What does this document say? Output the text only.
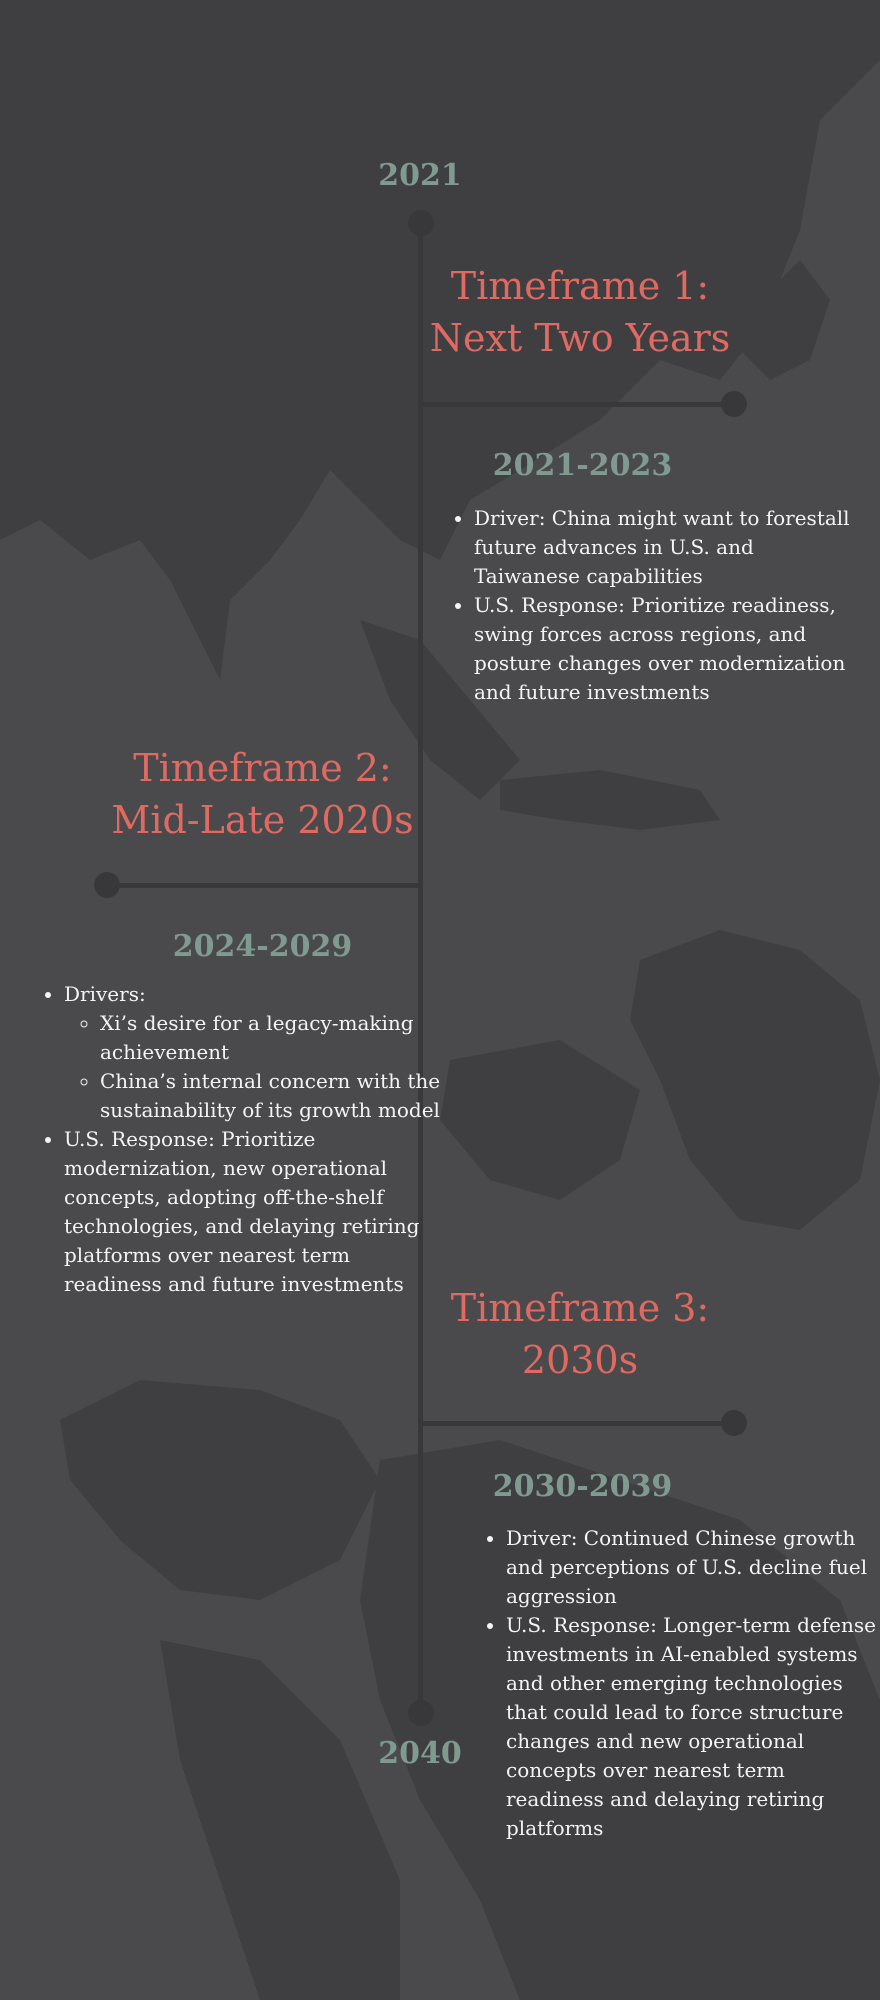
2021
2040
Timeframe 1:
Next Two Years
2021-2023
• Driver: China might want to forestall future advances in U.S. and Taiwanese capabilities
• U.S. Response: Prioritize readiness, swing forces across regions, and posture changes over modernization and future investments
Timeframe 2:
Mid-Late 2020s
2024-2029
• Drivers:
◦ Xi’s desire for a legacy-making achievement
◦ China’s internal concern with the sustainability of its growth model
• U.S. Response: Prioritize modernization, new operational concepts, adopting off-the-shelf technologies, and delaying retiring platforms over nearest term readiness and future investments
Timeframe 3:
2030s
2030-2039
• Driver: Continued Chinese growth and perceptions of U.S. decline fuel aggression
• U.S. Response: Longer-term defense investments in AI-enabled systems and other emerging technologies that could lead to force structure changes and new operational concepts over nearest term readiness and delaying retiring platforms
